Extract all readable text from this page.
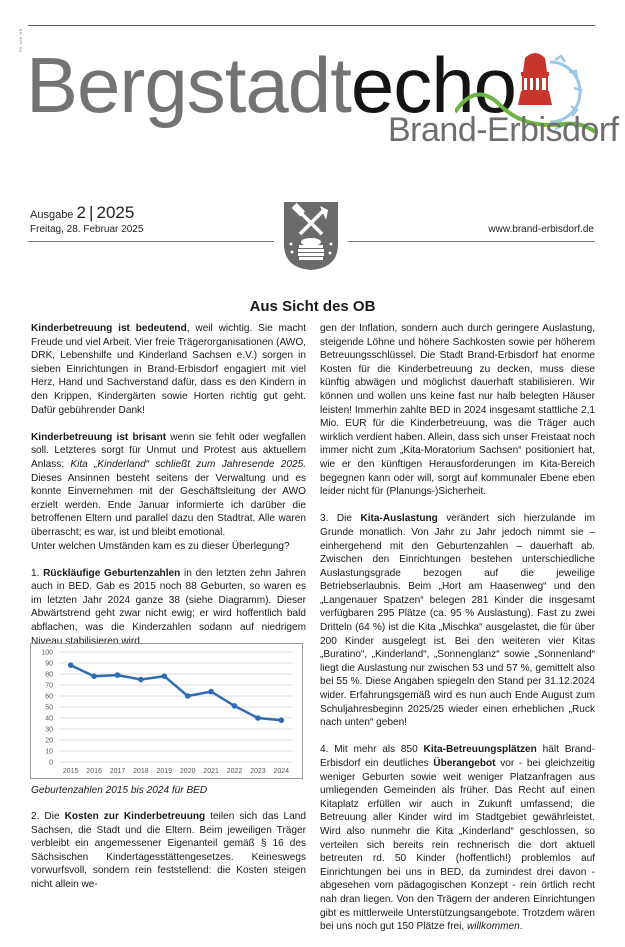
PA alle HH
Bergstadtecho
Brand-Erbisdorf
Ausgabe 2 | 2025
Freitag, 28. Februar 2025	www.brand-erbisdorf.de
Aus Sicht des OB

Kinderbetreuung ist bedeutend, weil wichtig. Sie macht Freude und viel Arbeit. Vier freie Trägerorganisationen (AWO, DRK, Lebenshilfe und Kinderland Sachsen e.V.) sorgen in sieben Einrichtungen in Brand-Erbisdorf engagiert mit viel Herz, Hand und Sachverstand dafür, dass es den Kindern in den Krippen, Kindergärten sowie Horten richtig gut geht. Dafür gebührender Dank!

Kinderbetreuung ist brisant wenn sie fehlt oder wegfallen soll. Letzteres sorgt für Unmut und Protest aus aktuellem Anlass: Kita „Kinderland“ schließt zum Jahresende 2025. Dieses Ansinnen besteht seitens der Verwaltung und es konnte Einvernehmen mit der Geschäftsleitung der AWO erzielt werden. Ende Januar informierte ich darüber die betroffenen Eltern und parallel dazu den Stadtrat. Alle waren überrascht; es war, ist und bleibt emotional.

Unter welchen Umständen kam es zu dieser Überlegung?

1. Rückläufige Geburtenzahlen in den letzten zehn Jahren auch in BED. Gab es 2015 noch 88 Geburten, so waren es im letzten Jahr 2024 ganze 38 (siehe Diagramm). Dieser Abwärtstrend geht zwar nicht ewig; er wird hoffentlich bald abflachen, was die Kinderzahlen sodann auf niedrigem Niveau stabilisieren wird.

0
10
20
30
40
50
60
70
80
90
100
2015 2016 2017 2018 2019 2020 2021 2022 2023 2024
Geburtenzahlen 2015 bis 2024 für BED

2. Die Kosten zur Kinderbetreuung teilen sich das Land Sachsen, die Stadt und die Eltern. Beim jeweiligen Träger verbleibt ein angemessener Eigenanteil gemäß § 16 des Sächsischen Kindertagesstättengesetzes. Keineswegs vorwurfsvoll, sondern rein feststellend: die Kosten steigen nicht allein we-

gen der Inflation, sondern auch durch geringere Auslastung, steigende Löhne und höhere Sachkosten sowie per höherem Betreuungsschlüssel. Die Stadt Brand-Erbisdorf hat enorme Kosten für die Kinderbetreuung zu decken, muss diese künftig abwägen und möglichst dauerhaft stabilisieren. Wir können und wollen uns keine fast nur halb belegten Häuser leisten! Immerhin zahlte BED in 2024 insgesamt stattliche 2,1 Mio. EUR für die Kinderbetreuung, was die Träger auch wirklich verdient haben. Allein, dass sich unser Freistaat noch immer nicht zum „Kita-Moratorium Sachsen“ positioniert hat, wie er den künftigen Herausforderungen im Kita-Bereich begegnen kann oder will, sorgt auf kommunaler Ebene eben leider nicht für (Planungs-)Sicherheit.

3. Die Kita-Auslastung verändert sich hierzulande im Grunde monatlich. Von Jahr zu Jahr jedoch nimmt sie – einhergehend mit den Geburtenzahlen – dauerhaft ab. Zwischen den Einrichtungen bestehen unterschiedliche Auslastungsgrade bezogen auf die jeweilige Betriebserlaubnis. Beim „Hort am Haasenweg“ und den „Langenauer Spatzen“ belegen 281 Kinder die insgesamt verfügbaren 295 Plätze (ca. 95 % Auslastung). Fast zu zwei Dritteln (64 %) ist die Kita „Mischka“ ausgelastet, die für über 200 Kinder ausgelegt ist. Bei den weiteren vier Kitas „Buratino“, „Kinderland“, „Sonnenglanz“ sowie „Sonnenland“ liegt die Auslastung nur zwischen 53 und 57 %, gemittelt also bei 55 %. Diese Angaben spiegeln den Stand per 31.12.2024 wider. Erfahrungsgemäß wird es nun auch Ende August zum Schuljahresbeginn 2025/25 wieder einen erheblichen „Ruck nach unten“ geben!

4. Mit mehr als 850 Kita-Betreuungsplätzen hält Brand-Erbisdorf ein deutliches Überangebot vor - bei gleichzeitig weniger Geburten sowie weit weniger Platzanfragen aus umliegenden Gemeinden als früher. Das Recht auf einen Kitaplatz erfüllen wir auch in Zukunft umfassend; die Betreuung aller Kinder wird im Stadtgebiet gewährleistet. Wird also nunmehr die Kita „Kinderland“ geschlossen, so verteilen sich bereits rein rechnerisch die dort aktuell betreuten rd. 50 Kinder (hoffentlich!) problemlos auf Einrichtungen bei uns in BED, da zumindest drei davon - abgesehen vom pädagogischen Konzept - rein örtlich recht nah dran liegen. Von den Trägern der anderen Einrichtungen gibt es mittlerweile Unterstützungsangebote. Trotzdem wären bei uns noch gut 150 Plätze frei, willkommen.
